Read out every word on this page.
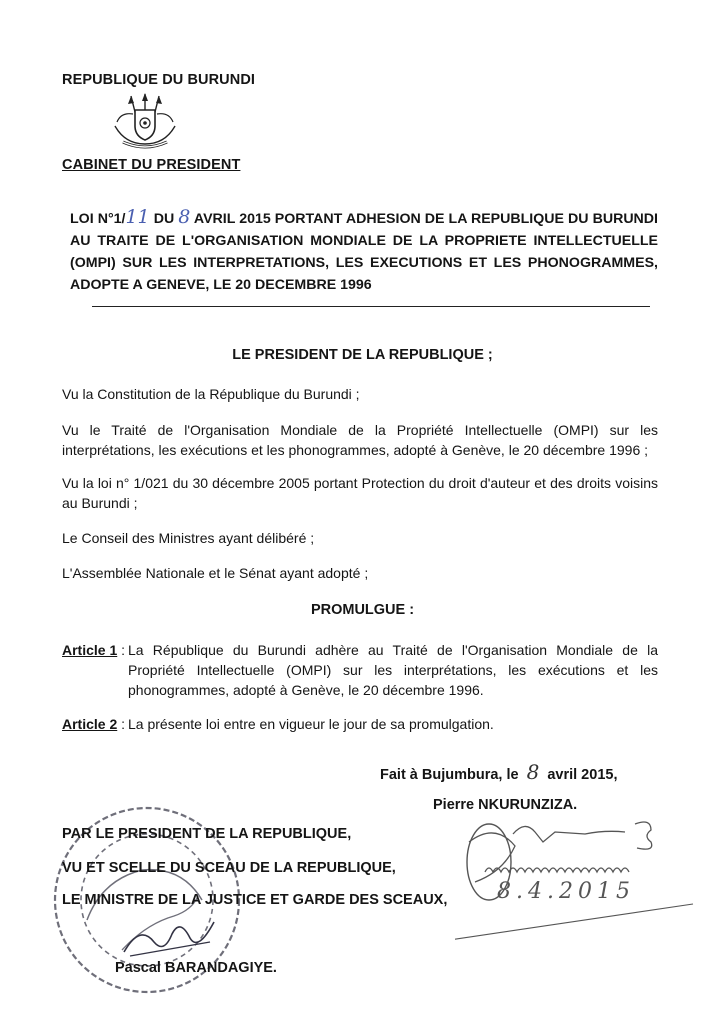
REPUBLIQUE DU BURUNDI
CABINET DU PRESIDENT
LOI N°1/11 DU 8 AVRIL 2015 PORTANT ADHESION DE LA REPUBLIQUE DU BURUNDI AU TRAITE DE L'ORGANISATION MONDIALE DE LA PROPRIETE INTELLECTUELLE (OMPI) SUR LES INTERPRETATIONS, LES EXECUTIONS ET LES PHONOGRAMMES, ADOPTE A GENEVE, LE 20 DECEMBRE 1996
LE PRESIDENT DE LA REPUBLIQUE ;
Vu la Constitution de la République du Burundi ;
Vu le Traité de l'Organisation Mondiale de la Propriété Intellectuelle (OMPI) sur les interprétations, les exécutions et les phonogrammes, adopté à Genève, le 20 décembre 1996 ;
Vu la loi n° 1/021 du 30 décembre 2005 portant Protection du droit d'auteur et des droits voisins au Burundi ;
Le Conseil des Ministres ayant délibéré ;
L'Assemblée Nationale et le Sénat ayant adopté ;
PROMULGUE :
Article 1 : La République du Burundi adhère au Traité de l'Organisation Mondiale de la Propriété Intellectuelle (OMPI) sur les interprétations, les exécutions et les phonogrammes, adopté à Genève, le 20 décembre 1996.
Article 2 : La présente loi entre en vigueur le jour de sa promulgation.
Fait à Bujumbura, le 8 avril 2015,
Pierre NKURUNZIZA.
8.4.2015
PAR LE PRESIDENT DE LA REPUBLIQUE,
VU ET SCELLE DU SCEAU DE LA REPUBLIQUE,
LE MINISTRE DE LA JUSTICE ET GARDE DES SCEAUX,
Pascal BARANDAGIYE.
